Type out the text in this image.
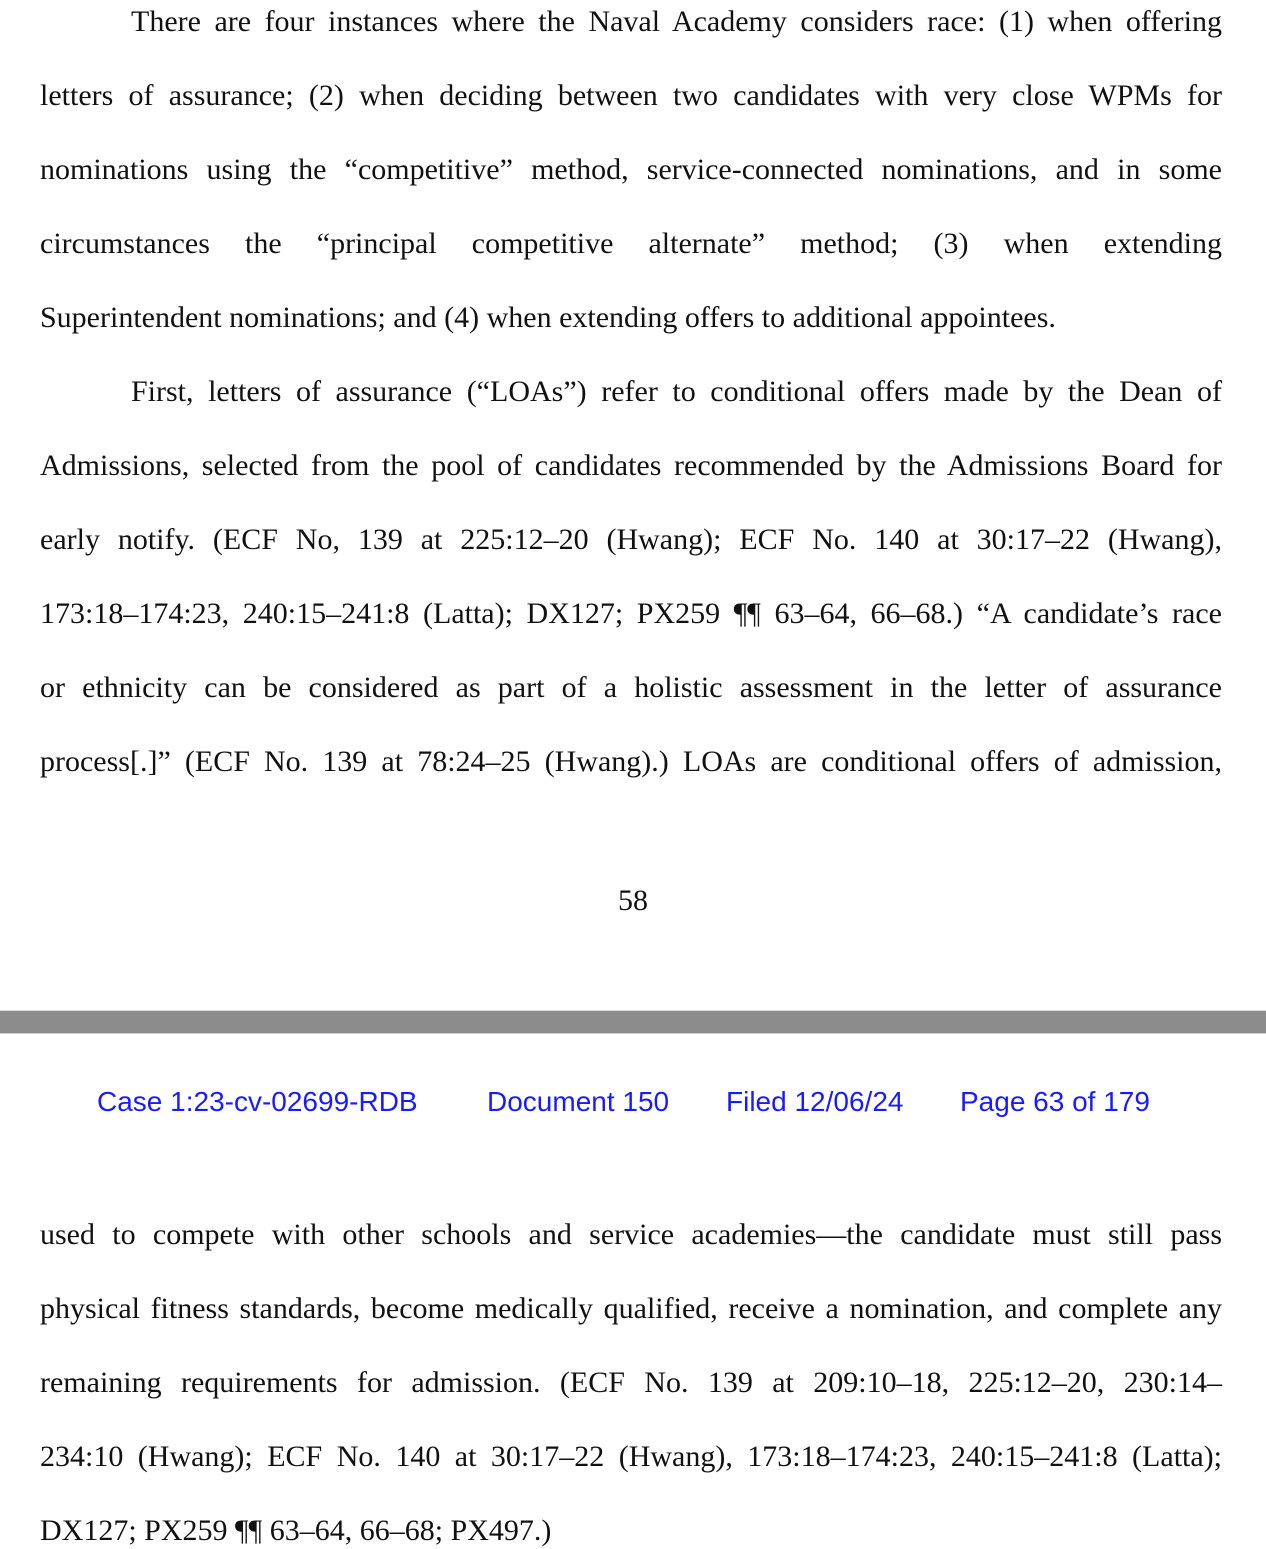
There are four instances where the Naval Academy considers race: (1) when offering
letters of assurance; (2) when deciding between two candidates with very close WPMs for
nominations using the “competitive” method, service-connected nominations, and in some
circumstances the “principal competitive alternate” method; (3) when extending
Superintendent nominations; and (4) when extending offers to additional appointees.
First, letters of assurance (“LOAs”) refer to conditional offers made by the Dean of
Admissions, selected from the pool of candidates recommended by the Admissions Board for
early notify. (ECF No, 139 at 225:12–20 (Hwang); ECF No. 140 at 30:17–22 (Hwang),
173:18–174:23, 240:15–241:8 (Latta); DX127; PX259 ¶¶ 63–64, 66–68.) “A candidate’s race
or ethnicity can be considered as part of a holistic assessment in the letter of assurance
process[.]” (ECF No. 139 at 78:24–25 (Hwang).) LOAs are conditional offers of admission,
58
Case 1:23-cv-02699-RDB Document 150 Filed 12/06/24 Page 63 of 179
used to compete with other schools and service academies—the candidate must still pass
physical fitness standards, become medically qualified, receive a nomination, and complete any
remaining requirements for admission. (ECF No. 139 at 209:10–18, 225:12–20, 230:14–
234:10 (Hwang); ECF No. 140 at 30:17–22 (Hwang), 173:18–174:23, 240:15–241:8 (Latta);
DX127; PX259 ¶¶ 63–64, 66–68; PX497.)
